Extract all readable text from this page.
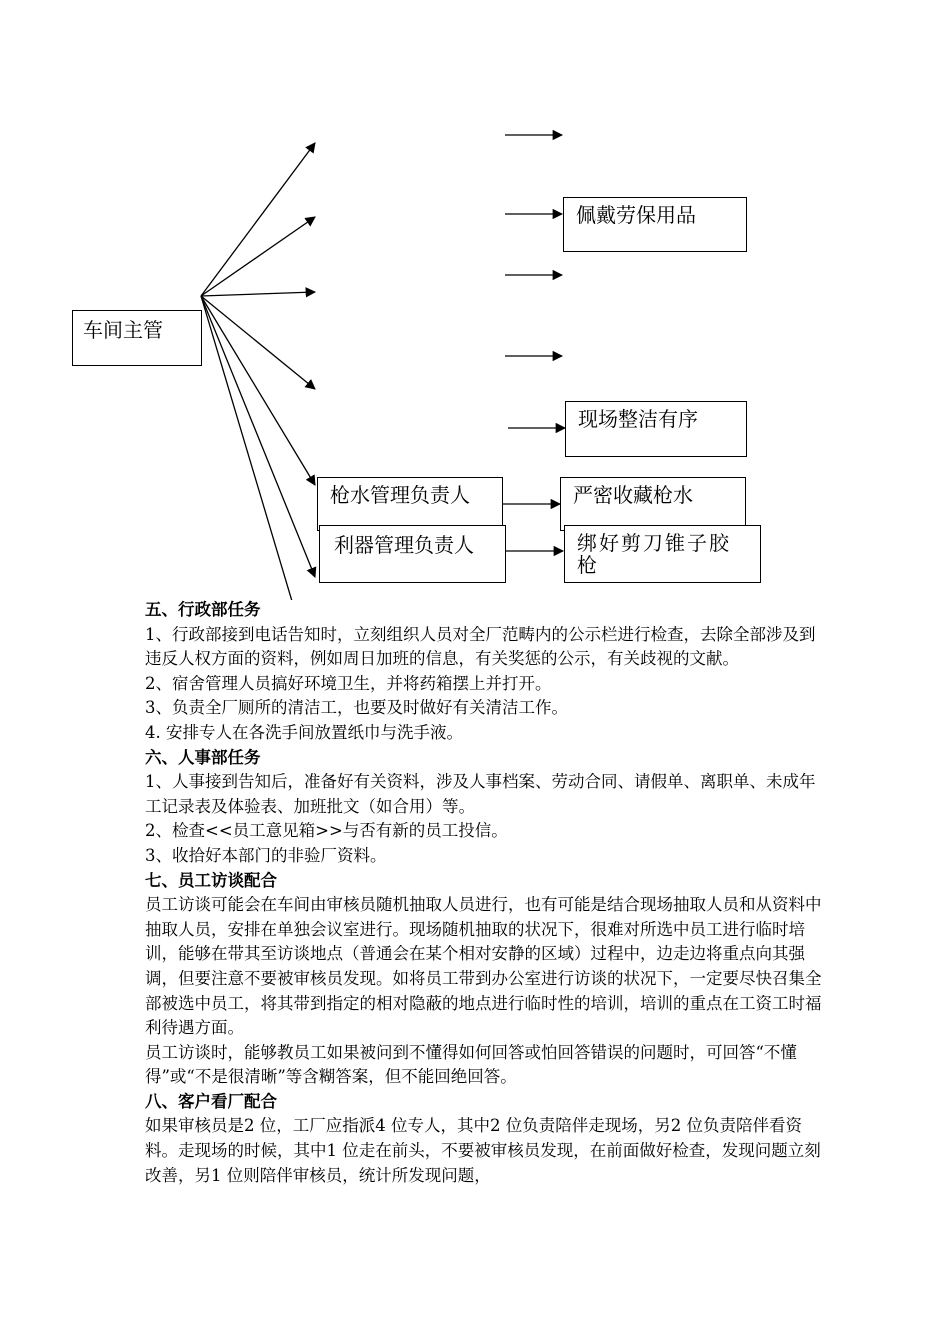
车间主管
佩戴劳保用品
现场整洁有序
枪水管理负责人	严密收藏枪水
利器管理负责人	绑好剪刀锥子胶
枪
五、行政部任务

1、行政部接到电话告知时，立刻组织人员对全厂范畴内的公示栏进行检查，去除全部涉及到违反人权方面的资料，例如周日加班的信息，有关奖惩的公示，有关歧视的文献。

2、宿舍管理人员搞好环境卫生，并将药箱摆上并打开。

3、负责全厂厕所的清洁工，也要及时做好有关清洁工作。

4. 安排专人在各洗手间放置纸巾与洗手液。

六、人事部任务

1、人事接到告知后，准备好有关资料，涉及人事档案、劳动合同、请假单、离职单、未成年工记录表及体验表、加班批文（如合用）等。

2、检查<<员工意见箱>>与否有新的员工投信。

3、收拾好本部门的非验厂资料。

七、员工访谈配合

员工访谈可能会在车间由审核员随机抽取人员进行，也有可能是结合现场抽取人员和从资料中抽取人员，安排在单独会议室进行。现场随机抽取的状况下，很难对所选中员工进行临时培训，能够在带其至访谈地点（普通会在某个相对安静的区域）过程中，边走边将重点向其强调，但要注意不要被审核员发现。如将员工带到办公室进行访谈的状况下，一定要尽快召集全部被选中员工，将其带到指定的相对隐蔽的地点进行临时性的培训，培训的重点在工资工时福利待遇方面。

员工访谈时，能够教员工如果被问到不懂得如何回答或怕回答错误的问题时，可回答“不懂得”或“不是很清晰”等含糊答案，但不能回绝回答。

八、客户看厂配合

如果审核员是2 位，工厂应指派4 位专人，其中2 位负责陪伴走现场，另2 位负责陪伴看资料。走现场的时候，其中1 位走在前头，不要被审核员发现，在前面做好检查，发现问题立刻改善，另1 位则陪伴审核员，统计所发现问题，
